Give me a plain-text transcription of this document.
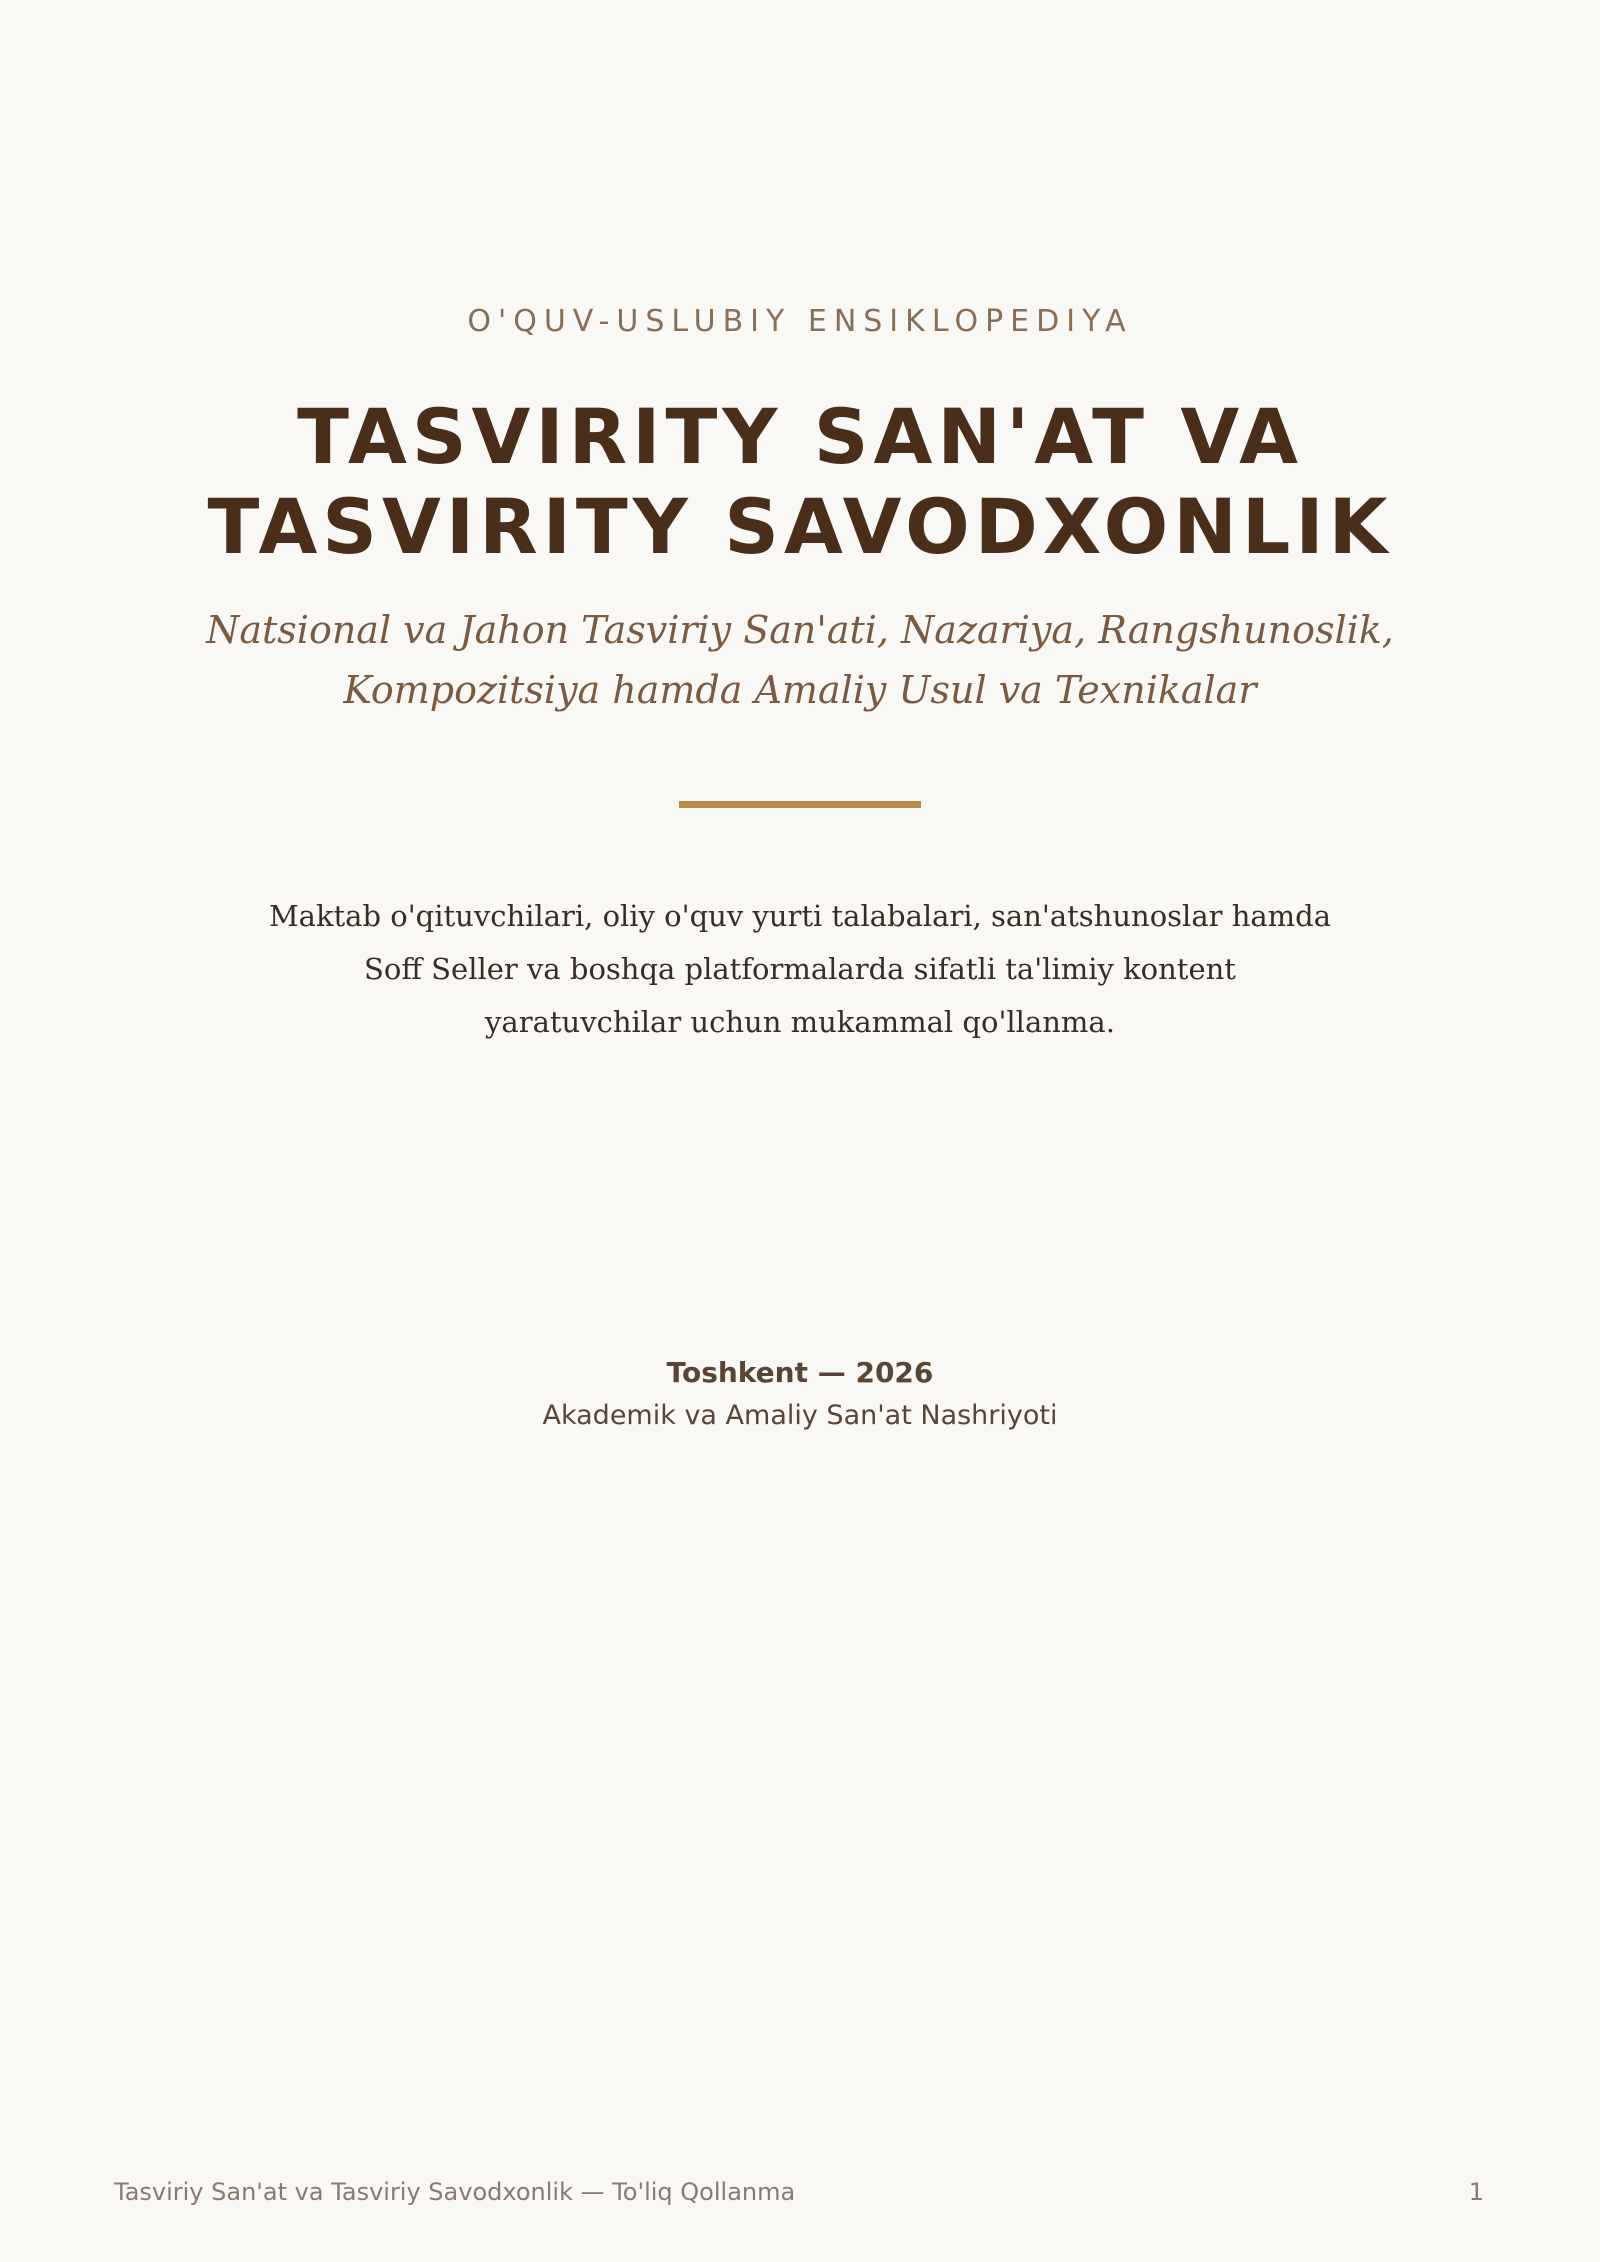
O'QUV-USLUBIY ENSIKLOPEDIYA
TASVIRITY SAN'AT VA
TASVIRITY SAVODXONLIK
Natsional va Jahon Tasviriy San'ati, Nazariya, Rangshunoslik,
Kompozitsiya hamda Amaliy Usul va Texnikalar
Maktab o'qituvchilari, oliy o'quv yurti talabalari, san'atshunoslar hamda
Soff Seller va boshqa platformalarda sifatli ta'limiy kontent
yaratuvchilar uchun mukammal qo'llanma.
Toshkent — 2026
Akademik va Amaliy San'at Nashriyoti
Tasviriy San'at va Tasviriy Savodxonlik — To'liq Qollanma	1
